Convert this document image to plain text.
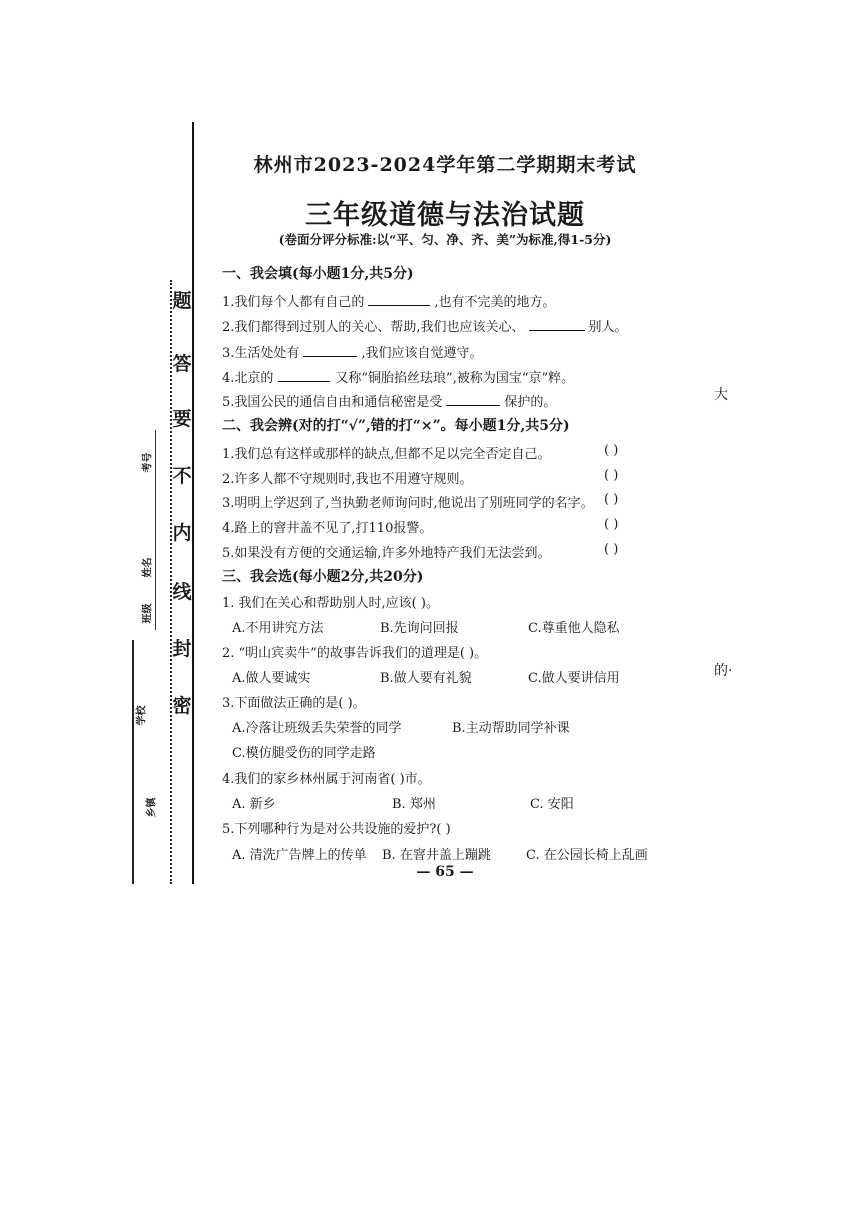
题
答
要
不
内
线
封
密
考号
姓名
班级
学校
乡镇
林州市2023-2024学年第二学期期末考试
三年级道德与法治试题
(卷面分评分标准:以“平、匀、净、齐、美”为标准,得1-5分)
一、我会填(每小题1分,共5分)
1.我们每个人都有自己的	,也有不完美的地方。
2.我们都得到过别人的关心、帮助,我们也应该关心、	别人。
3.生活处处有	,我们应该自觉遵守。
4.北京的	又称“铜胎掐丝珐琅”,被称为国宝“京”粹。
5.我国公民的通信自由和通信秘密是受	保护的。
二、我会辨(对的打“√”,错的打“×”。每小题1分,共5分)
1.我们总有这样或那样的缺点,但都不足以完全否定自己。	( )
2.许多人都不守规则时,我也不用遵守规则。	( )
3.明明上学迟到了,当执勤老师询问时,他说出了别班同学的名字。 ( )
4.路上的窨井盖不见了,打110报警。	( )
5.如果没有方便的交通运输,许多外地特产我们无法尝到。	( )
三、我会选(每小题2分,共20分)
1. 我们在关心和帮助别人时,应该( )。
A.不用讲究方法	B.先询问回报	C.尊重他人隐私
2. “明山宾卖牛”的故事告诉我们的道理是( )。
A.做人要诚实	B.做人要有礼貌	C.做人要讲信用
3.下面做法正确的是( )。
A.冷落让班级丢失荣誉的同学	B.主动帮助同学补课
C.模仿腿受伤的同学走路
4.我们的家乡林州属于河南省( )市。
A. 新乡	B. 郑州	C. 安阳
5.下列哪种行为是对公共设施的爱护?( )
A. 清洗广告牌上的传单 B. 在窨井盖上蹦跳	C. 在公园长椅上乱画
— 65 —
大
的·
